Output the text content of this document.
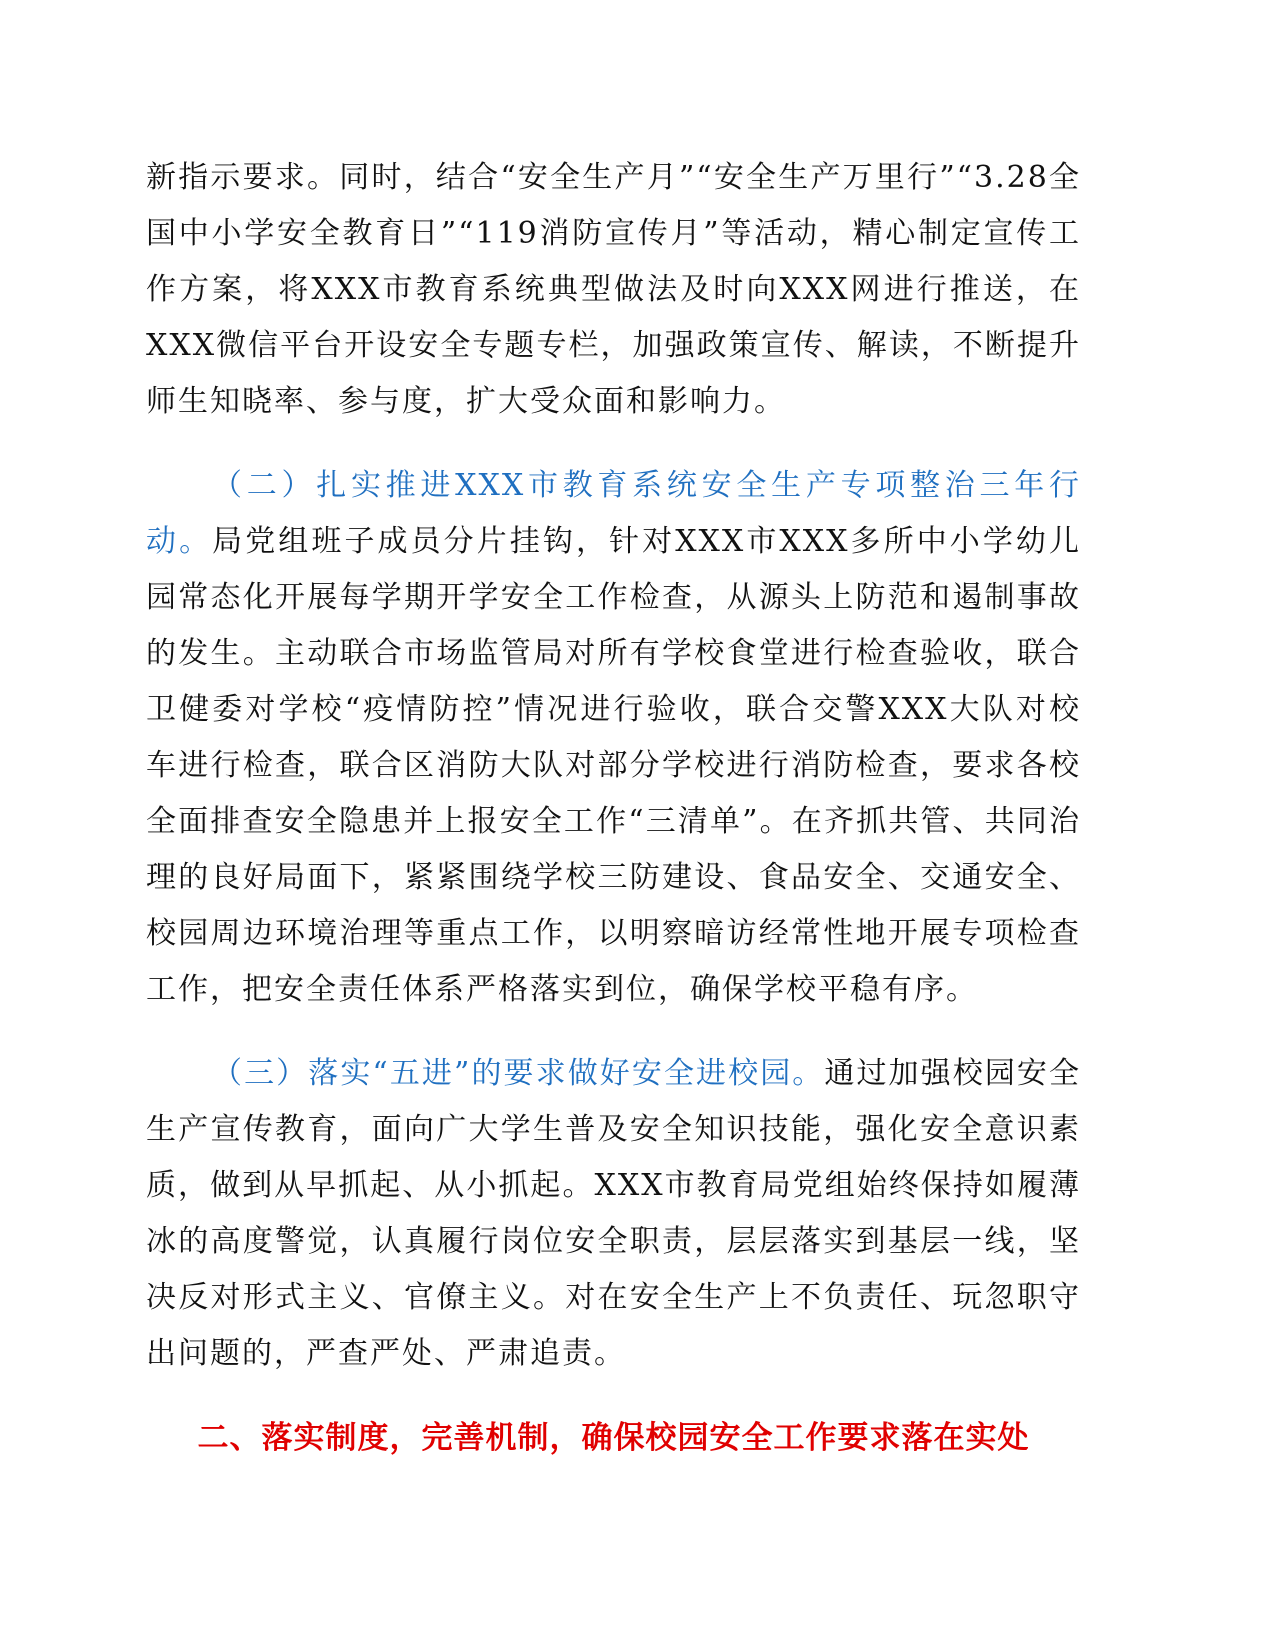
新指示要求。同时，结合“安全生产月”“安全生产万里行”“3.28全国中小学安全教育日”“119消防宣传月”等活动，精心制定宣传工作方案，将XXX市教育系统典型做法及时向XXX网进行推送，在XXX微信平台开设安全专题专栏，加强政策宣传、解读，不断提升师生知晓率、参与度，扩大受众面和影响力。

（二）扎实推进XXX市教育系统安全生产专项整治三年行动。局党组班子成员分片挂钩，针对XXX市XXX多所中小学幼儿园常态化开展每学期开学安全工作检查，从源头上防范和遏制事故的发生。主动联合市场监管局对所有学校食堂进行检查验收，联合卫健委对学校“疫情防控”情况进行验收，联合交警XXX大队对校车进行检查，联合区消防大队对部分学校进行消防检查，要求各校全面排查安全隐患并上报安全工作“三清单”。在齐抓共管、共同治理的良好局面下，紧紧围绕学校三防建设、食品安全、交通安全、校园周边环境治理等重点工作，以明察暗访经常性地开展专项检查工作，把安全责任体系严格落实到位，确保学校平稳有序。

（三）落实“五进”的要求做好安全进校园。通过加强校园安全生产宣传教育，面向广大学生普及安全知识技能，强化安全意识素质，做到从早抓起、从小抓起。XXX市教育局党组始终保持如履薄冰的高度警觉，认真履行岗位安全职责，层层落实到基层一线，坚决反对形式主义、官僚主义。对在安全生产上不负责任、玩忽职守出问题的，严查严处、严肃追责。

二、落实制度，完善机制，确保校园安全工作要求落在实处
